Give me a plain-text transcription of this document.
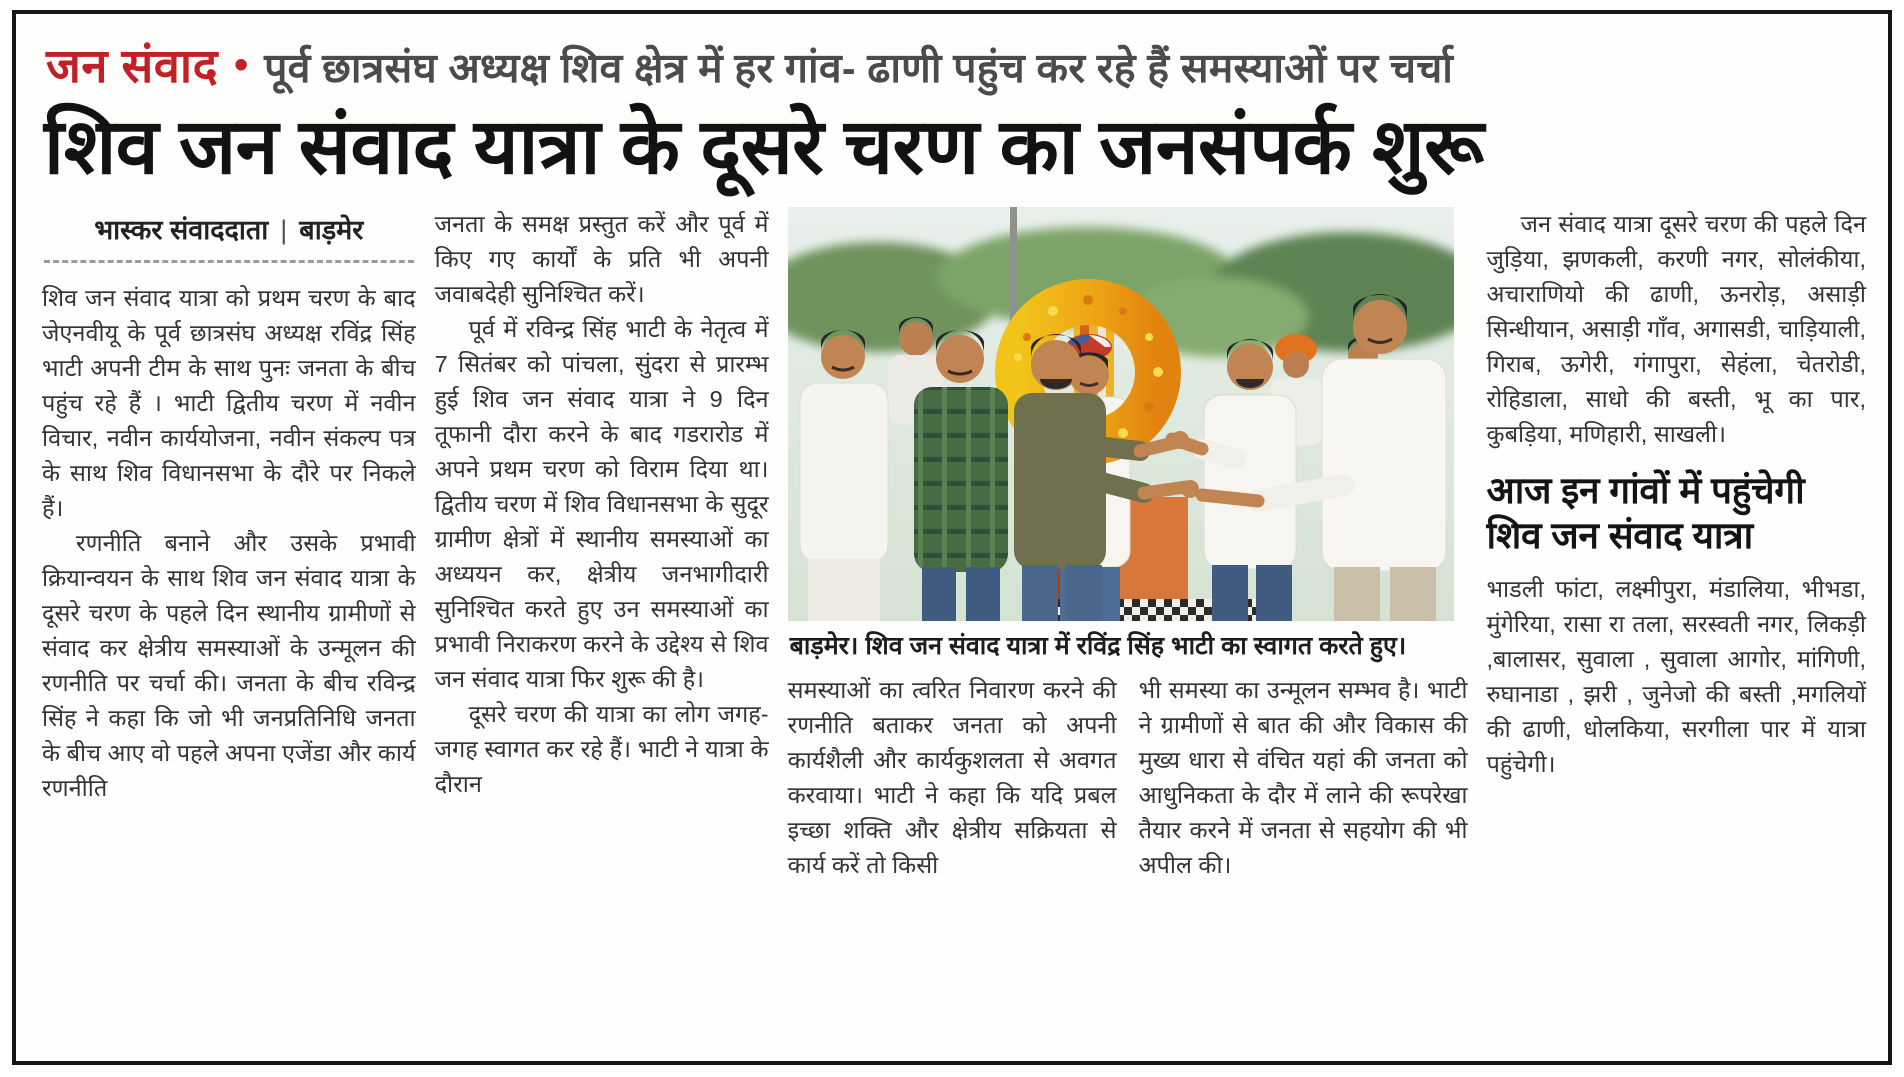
जन संवाद • पूर्व छात्रसंघ अध्यक्ष शिव क्षेत्र में हर गांव- ढाणी पहुंच कर रहे हैं समस्याओं पर चर्चा
शिव जन संवाद यात्रा के दूसरे चरण का जनसंपर्क शुरू
भास्कर संवाददाता | बाड़मेर

शिव जन संवाद यात्रा को प्रथम चरण के बाद जेएनवीयू के पूर्व छात्रसंघ अध्यक्ष रविंद्र सिंह भाटी अपनी टीम के साथ पुनः जनता के बीच पहुंच रहे हैं । भाटी द्वितीय चरण में नवीन विचार, नवीन कार्ययोजना, नवीन संकल्प पत्र के साथ शिव विधानसभा के दौरे पर निकले हैं।

रणनीति बनाने और उसके प्रभावी क्रियान्वयन के साथ शिव जन संवाद यात्रा के दूसरे चरण के पहले दिन स्थानीय ग्रामीणों से संवाद कर क्षेत्रीय समस्याओं के उन्मूलन की रणनीति पर चर्चा की। जनता के बीच रविन्द्र सिंह ने कहा कि जो भी जनप्रतिनिधि जनता के बीच आए वो पहले अपना एजेंडा और कार्य रणनीति

जनता के समक्ष प्रस्तुत करें और पूर्व में किए गए कार्यों के प्रति भी अपनी जवाबदेही सुनिश्चित करें।

पूर्व में रविन्द्र सिंह भाटी के नेतृत्व में 7 सितंबर को पांचला, सुंदरा से प्रारम्भ हुई शिव जन संवाद यात्रा ने 9 दिन तूफानी दौरा करने के बाद गडरारोड में अपने प्रथम चरण को विराम दिया था। द्वितीय चरण में शिव विधानसभा के सुदूर ग्रामीण क्षेत्रों में स्थानीय समस्याओं का अध्ययन कर, क्षेत्रीय जनभागीदारी सुनिश्चित करते हुए उन समस्याओं का प्रभावी निराकरण करने के उद्देश्य से शिव जन संवाद यात्रा फिर शुरू की है।

दूसरे चरण की यात्रा का लोग जगह-जगह स्वागत कर रहे हैं। भाटी ने यात्रा के दौरान

बाड़मेर। शिव जन संवाद यात्रा में रविंद्र सिंह भाटी का स्वागत करते हुए।

समस्याओं का त्वरित निवारण करने की रणनीति बताकर जनता को अपनी कार्यशैली और कार्यकुशलता से अवगत करवाया। भाटी ने कहा कि यदि प्रबल इच्छा शक्ति और क्षेत्रीय सक्रियता से कार्य करें तो किसी

भी समस्या का उन्मूलन सम्भव है। भाटी ने ग्रामीणों से बात की और विकास की मुख्य धारा से वंचित यहां की जनता को आधुनिकता के दौर में लाने की रूपरेखा तैयार करने में जनता से सहयोग की भी अपील की।

जन संवाद यात्रा दूसरे चरण की पहले दिन जुड़िया, झणकली, करणी नगर, सोलंकीया, अचाराणियो की ढाणी, ऊनरोड़, असाड़ी सिन्धीयान, असाड़ी गाँव, अगासडी, चाड़ियाली, गिराब, ऊगेरी, गंगापुरा, सेहंला, चेतरोडी, रोहिडाला, साधो की बस्ती, भू का पार, कुबड़िया, मणिहारी, साखली।

आज इन गांवों में पहुंचेगी शिव जन संवाद यात्रा

भाडली फांटा, लक्ष्मीपुरा, मंडालिया, भीभडा, मुंगेरिया, रासा रा तला, सरस्वती नगर, लिकड़ी ,बालासर, सुवाला , सुवाला आगोर, मांगिणी, रुघानाडा , झरी , जुनेजो की बस्ती ,मगलियों की ढाणी, धोलकिया, सरगीला पार में यात्रा पहुंचेगी।
